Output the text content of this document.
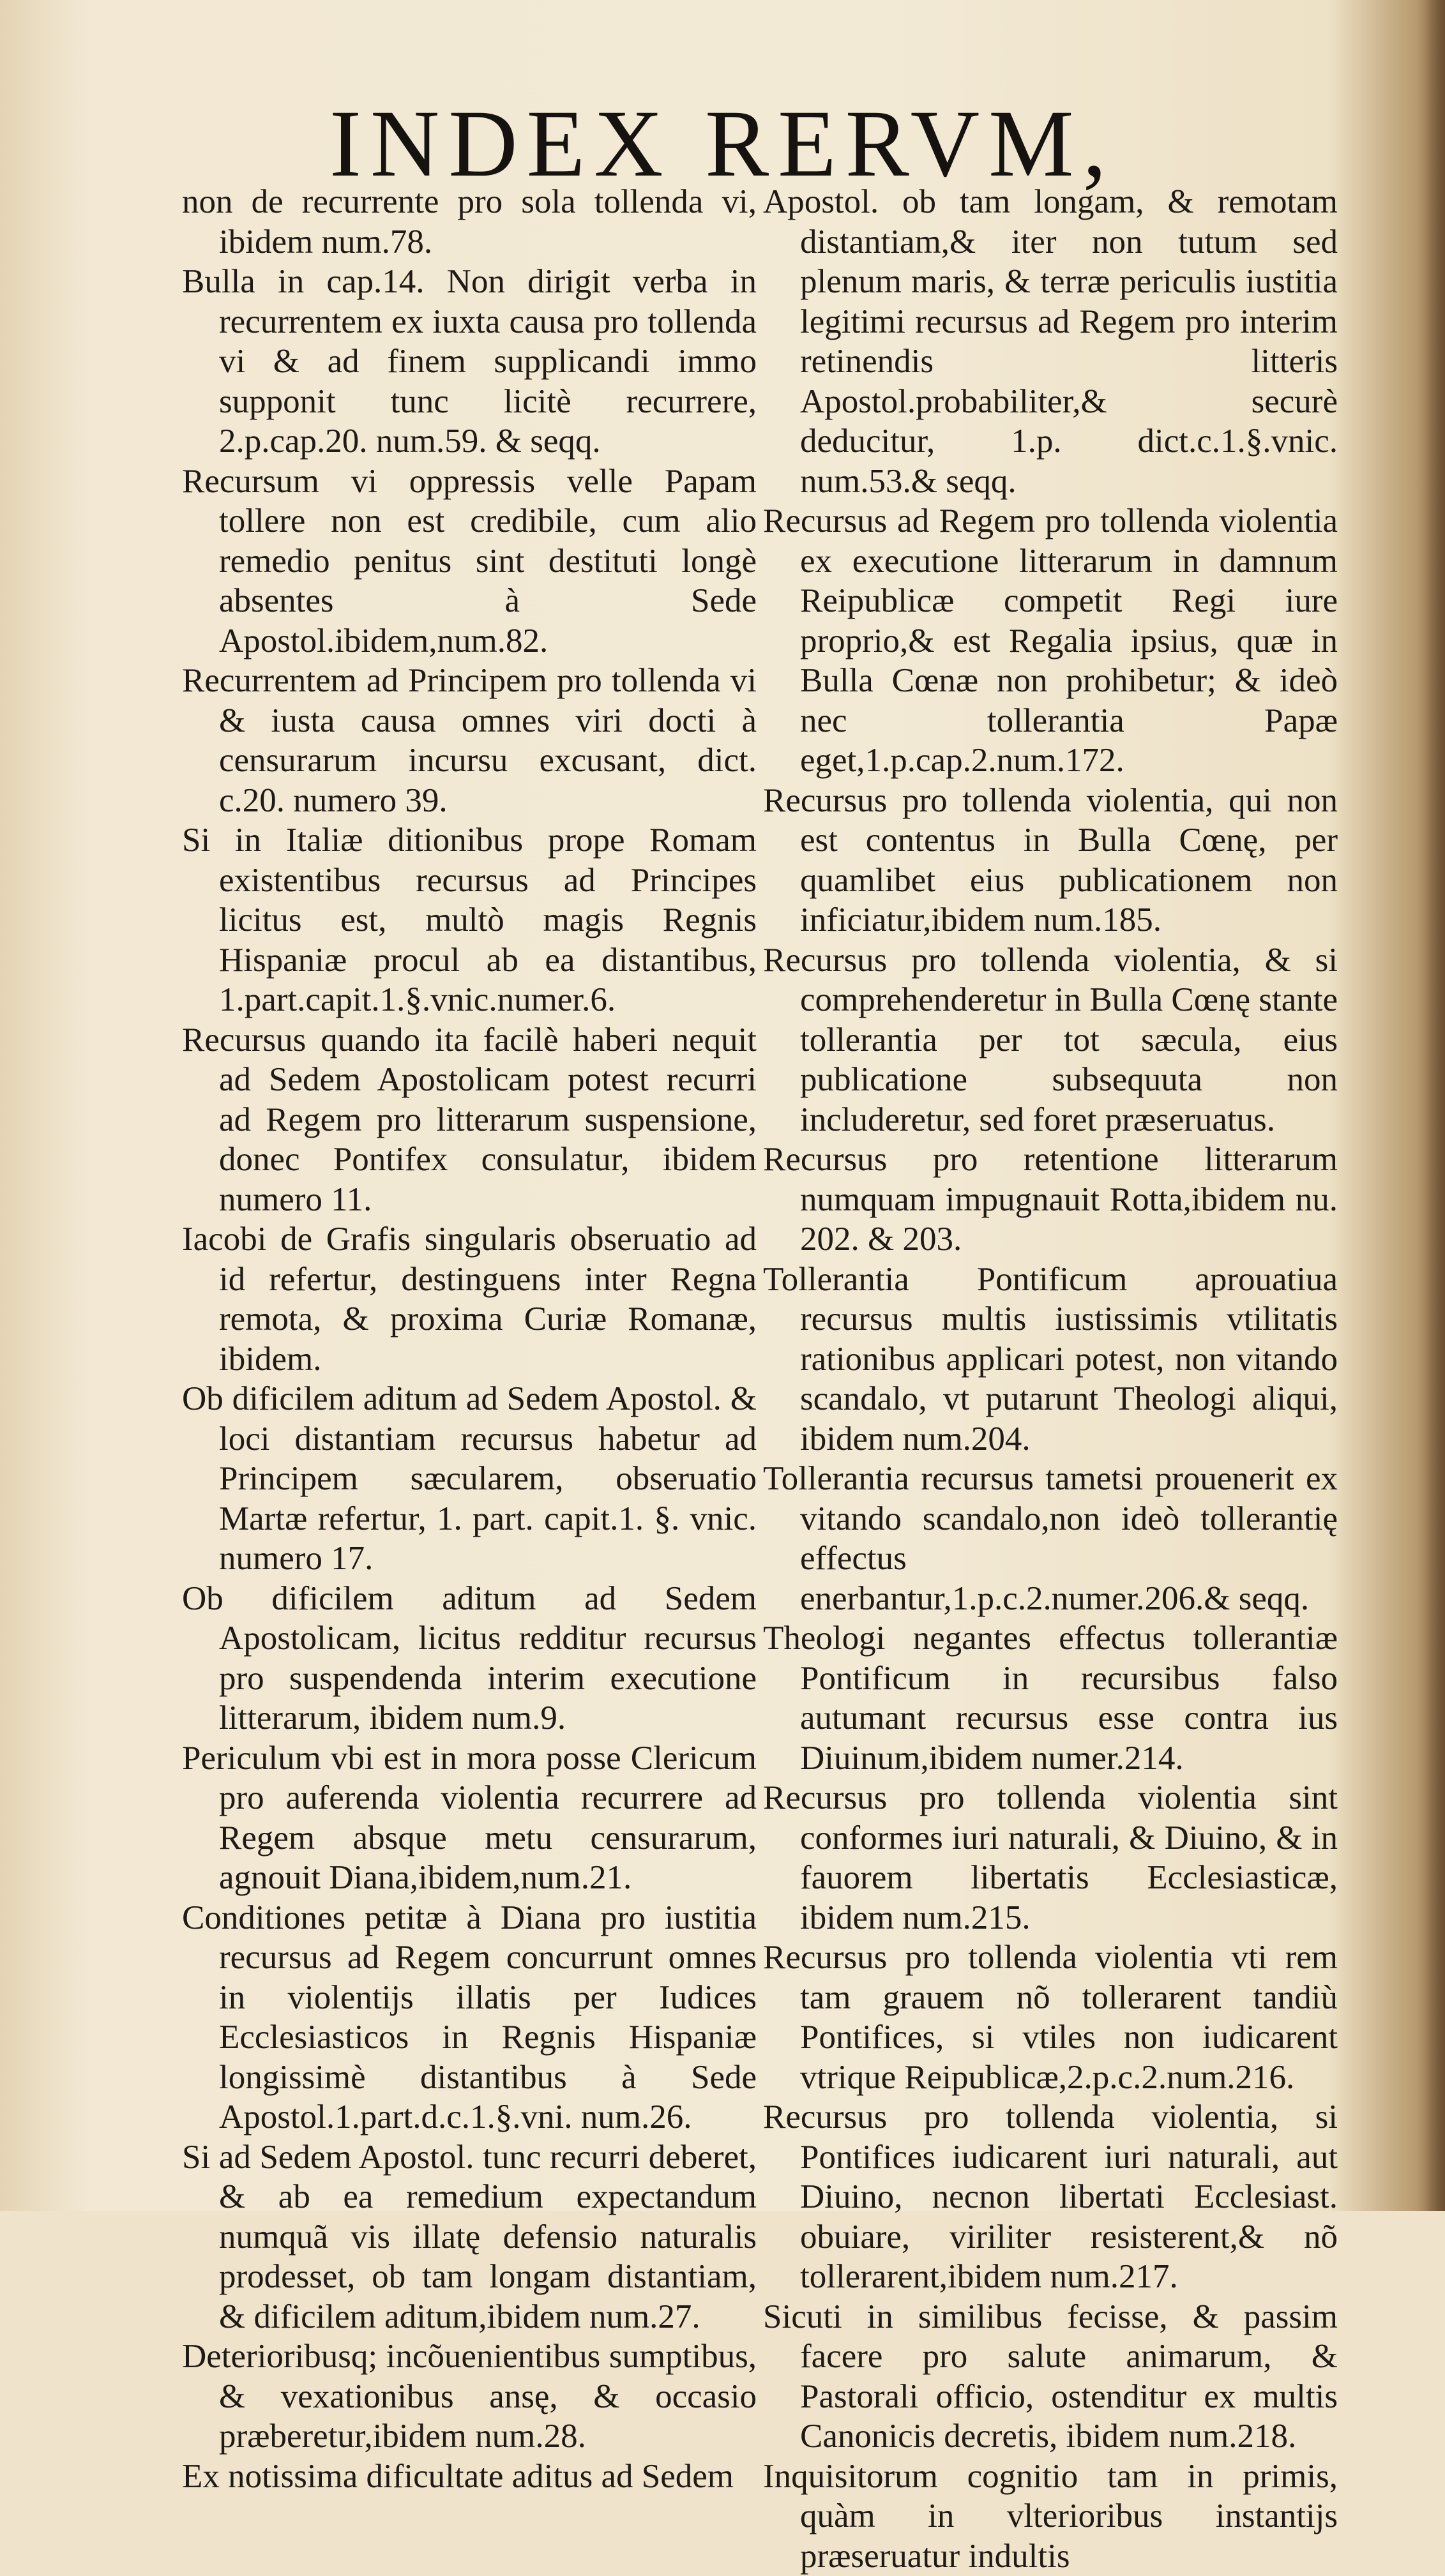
INDEX RERVM,

non de recurrente pro sola tollenda vi, ibidem num.78.

Bulla in cap.14. Non dirigit verba in recurrentem ex iuxta causa pro tollenda vi & ad finem supplicandi immo supponit tunc licitè recurrere, 2.p.cap.20. num.59. & seqq.

Recursum vi oppressis velle Papam tollere non est credibile, cum alio remedio penitus sint destituti longè absentes à Sede Apostol.ibidem,num.82.

Recurrentem ad Principem pro tollenda vi & iusta causa omnes viri docti à censurarum incursu excusant, dict. c.20. numero 39.

Si in Italiæ ditionibus prope Romam existentibus recursus ad Principes licitus est, multò magis Regnis Hispaniæ procul ab ea distantibus, 1.part.capit.1.§.vnic.numer.6.

Recursus quando ita facilè haberi nequit ad Sedem Apostolicam potest recurri ad Regem pro litterarum suspensione, donec Pontifex consulatur, ibidem numero 11.

Iacobi de Grafis singularis obseruatio ad id refertur, destinguens inter Regna remota, & proxima Curiæ Romanæ, ibidem.

Ob dificilem aditum ad Sedem Apostol. & loci distantiam recursus habetur ad Principem sæcularem, obseruatio Martæ refertur, 1. part. capit.1. §. vnic. numero 17.

Ob dificilem aditum ad Sedem Apostolicam, licitus redditur recursus pro suspendenda interim executione litterarum, ibidem num.9.

Periculum vbi est in mora posse Clericum pro auferenda violentia recurrere ad Regem absque metu censurarum, agnouit Diana,ibidem,num.21.

Conditiones petitæ à Diana pro iustitia recursus ad Regem concurrunt omnes in violentijs illatis per Iudices Ecclesiasticos in Regnis Hispaniæ longissimè distantibus à Sede Apostol.1.part.d.c.1.§.vni. num.26.

Si ad Sedem Apostol. tunc recurri deberet, & ab ea remedium expectandum numquã vis illatę defensio naturalis prodesset, ob tam longam distantiam, & dificilem aditum,ibidem num.27.

Deterioribusq; incõuenientibus sumptibus, & vexationibus ansę, & occasio præberetur,ibidem num.28.

Ex notissima dificultate aditus ad Sedem

Apostol. ob tam longam, & remotam distantiam,& iter non tutum sed plenum maris, & terræ periculis iustitia legitimi recursus ad Regem pro interim retinendis litteris Apostol.probabiliter,& securè deducitur, 1.p. dict.c.1.§.vnic. num.53.& seqq.

Recursus ad Regem pro tollenda violentia ex executione litterarum in damnum Reipublicæ competit Regi iure proprio,& est Regalia ipsius, quæ in Bulla Cœnæ non prohibetur; & ideò nec tollerantia Papæ eget,1.p.cap.2.num.172.

Recursus pro tollenda violentia, qui non est contentus in Bulla Cœnę, per quamlibet eius publicationem non inficiatur,ibidem num.185.

Recursus pro tollenda violentia, & si comprehenderetur in Bulla Cœnę stante tollerantia per tot sæcula, eius publicatione subsequuta non includeretur, sed foret præseruatus.

Recursus pro retentione litterarum numquam impugnauit Rotta,ibidem nu. 202. & 203.

Tollerantia Pontificum aprouatiua recursus multis iustissimis vtilitatis rationibus applicari potest, non vitando scandalo, vt putarunt Theologi aliqui, ibidem num.204.

Tollerantia recursus tametsi prouenerit ex vitando scandalo,non ideò tollerantię effectus enerbantur,1.p.c.2.numer.206.& seqq.

Theologi negantes effectus tollerantiæ Pontificum in recursibus falso autumant recursus esse contra ius Diuinum,ibidem numer.214.

Recursus pro tollenda violentia sint conformes iuri naturali, & Diuino, & in fauorem libertatis Ecclesiasticæ, ibidem num.215.

Recursus pro tollenda violentia vti rem tam grauem nõ tollerarent tandiù Pontifices, si vtiles non iudicarent vtrique Reipublicæ,2.p.c.2.num.216.

Recursus pro tollenda violentia, si Pontifices iudicarent iuri naturali, aut Diuino, necnon libertati Ecclesiast. obuiare, viriliter resisterent,& nõ tollerarent,ibidem num.217.

Sicuti in similibus fecisse, & passim facere pro salute animarum, & Pastorali officio, ostenditur ex multis Canonicis decretis, ibidem num.218.

Inquisitorum cognitio tam in primis, quàm in vlterioribus instantijs præseruatur indultis
